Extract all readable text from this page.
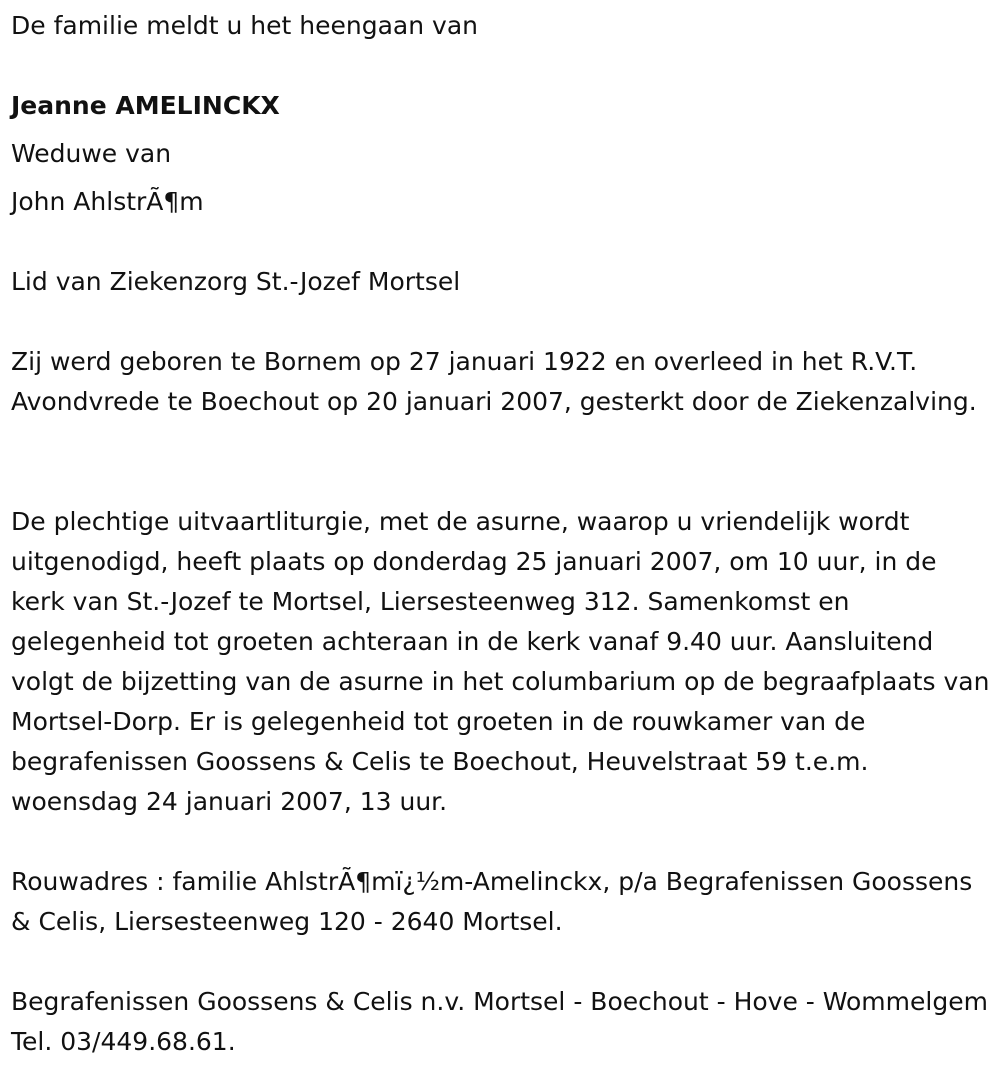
De familie meldt u het heengaan van
Jeanne AMELINCKX
Weduwe van
John AhlstrÃ¶m
Lid van Ziekenzorg St.-Jozef Mortsel
Zij werd geboren te Bornem op 27 januari 1922 en overleed in het R.V.T. Avondvrede te Boechout op 20 januari 2007, gesterkt door de Ziekenzalving.
De plechtige uitvaartliturgie, met de asurne, waarop u vriendelijk wordt uitgenodigd, heeft plaats op donderdag 25 januari 2007, om 10 uur, in de kerk van St.-Jozef te Mortsel, Liersesteenweg 312. Samenkomst en gelegenheid tot groeten achteraan in de kerk vanaf 9.40 uur. Aansluitend volgt de bijzetting van de asurne in het columbarium op de begraafplaats van Mortsel-Dorp. Er is gelegenheid tot groeten in de rouwkamer van de begrafenissen Goossens & Celis te Boechout, Heuvelstraat 59 t.e.m. woensdag 24 januari 2007, 13 uur.
Rouwadres : familie AhlstrÃ¶mï¿½m-Amelinckx, p/a Begrafenissen Goossens & Celis, Liersesteenweg 120 - 2640 Mortsel.
Begrafenissen Goossens & Celis n.v. Mortsel - Boechout - Hove - Wommelgem Tel. 03/449.68.61.
